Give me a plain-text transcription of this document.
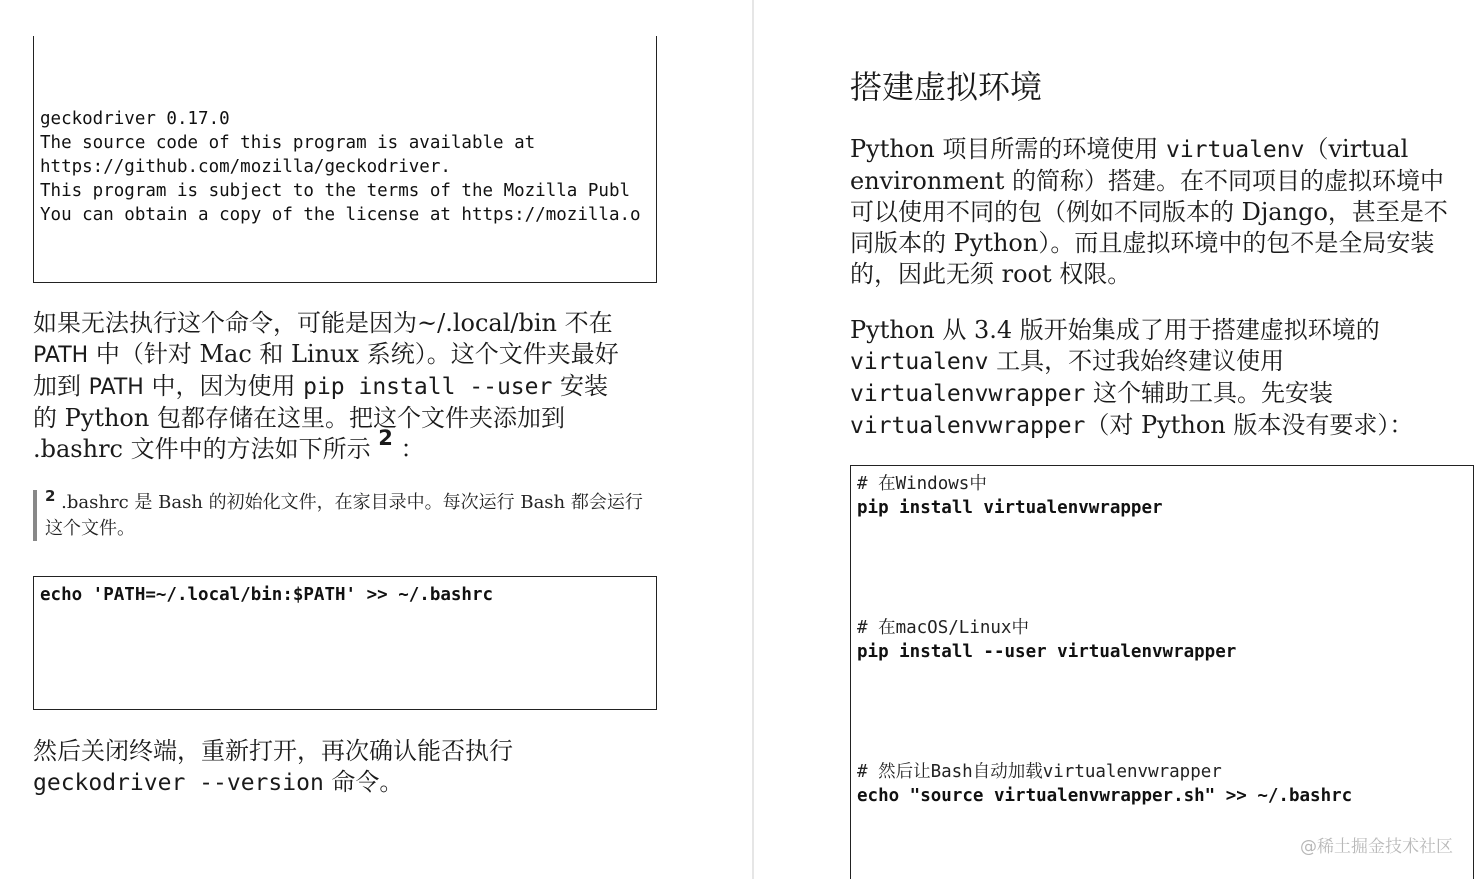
geckodriver 0.17.0
The source code of this program is available at
https://github.com/mozilla/geckodriver.
This program is subject to the terms of the Mozilla Publ
You can obtain a copy of the license at https://mozilla.o
如果无法执行这个命令，可能是因为~/.local/bin 不在
PATH 中（针对 Mac 和 Linux 系统）。这个文件夹最好
加到 PATH 中，因为使用 pip install --user 安装
的 Python 包都存储在这里。把这个文件夹添加到
.bashrc 文件中的方法如下所示 2 ：
$^2$ .bashrc 是 Bash 的初始化文件，在家目录中。每次运行 Bash 都会运行这个文件。
echo 'PATH=~/.local/bin:$PATH' >> ~/.bashrc
然后关闭终端，重新打开，再次确认能否执行
geckodriver --version 命令。
搭建虚拟环境
Python 项目所需的环境使用 virtualenv（virtual environment 的简称）搭建。在不同项目的虚拟环境中可以使用不同的包（例如不同版本的 Django，甚至是不同版本的 Python）。而且虚拟环境中的包不是全局安装的，因此无须 root 权限。
Python 从 3.4 版开始集成了用于搭建虚拟环境的
virtualenv 工具，不过我始终建议使用
virtualenvwrapper 这个辅助工具。先安装
virtualenvwrapper（对 Python 版本没有要求）：
# 在Windows中
pip install virtualenvwrapper
# 在macOS/Linux中
pip install --user virtualenvwrapper
# 然后让Bash自动加载virtualenvwrapper
echo "source virtualenvwrapper.sh" >> ~/.bashrc
@稀土掘金技术社区
